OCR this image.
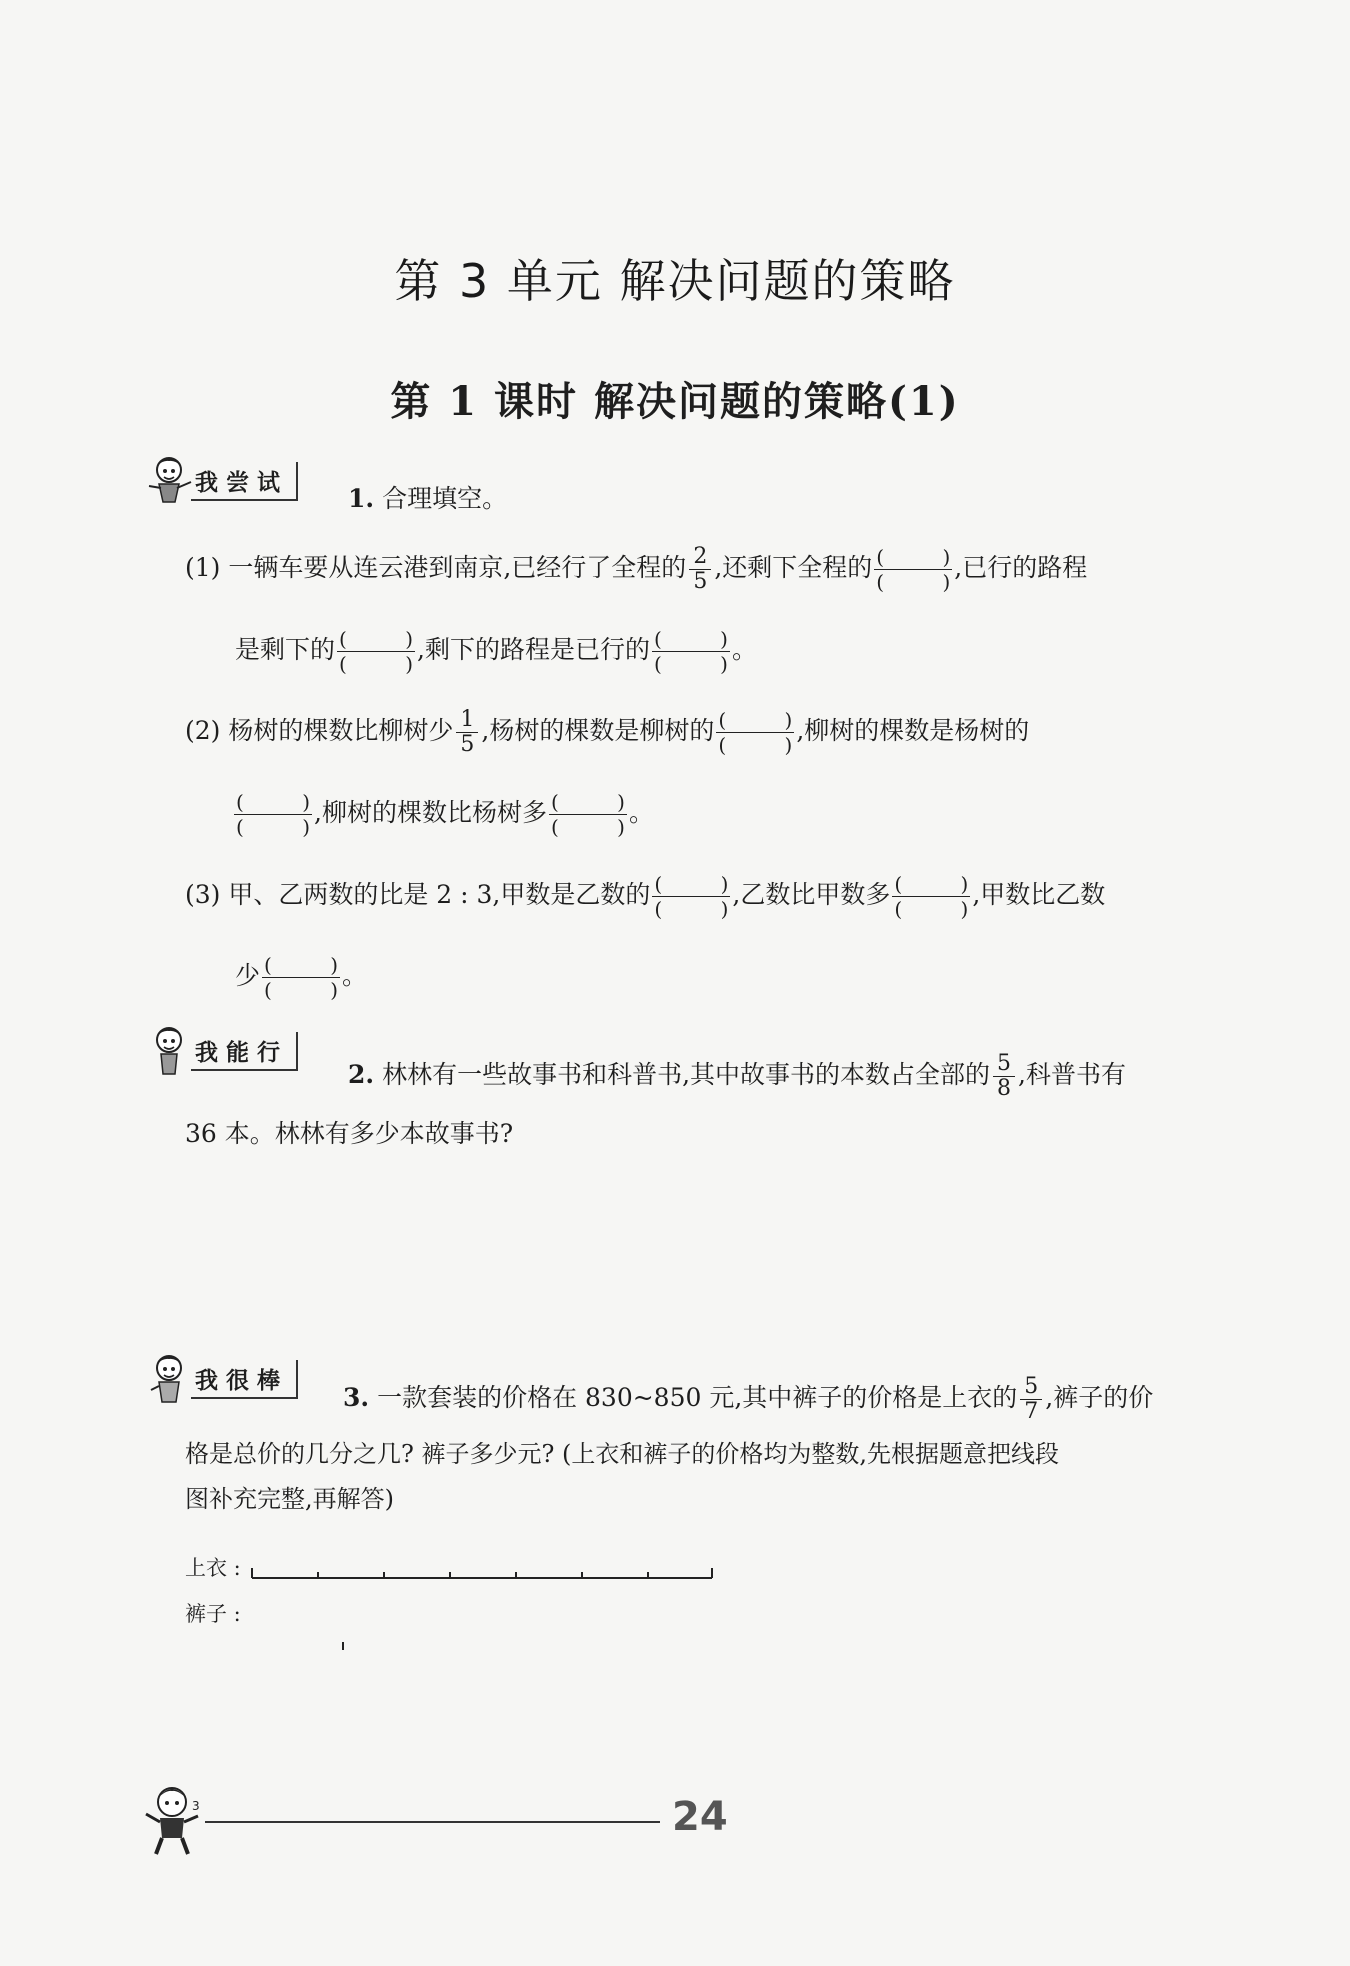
第 3 单元 解决问题的策略
第 1 课时 解决问题的策略(1)
我尝试
1. 合理填空。
(1) 一辆车要从连云港到南京,已经行了全程的 $\frac{2}{5}$ ,还剩下全程的 (	)
(	) ,已行的路程
是剩下的 (	)
(	) ,剩下的路程是已行的 (	)
(	) 。
(2) 杨树的棵数比柳树少 $\frac{1}{5}$ ,杨树的棵数是柳树的 (	)
(	) ,柳树的棵数是杨树的
(	)
(	) ,柳树的棵数比杨树多 (	)
(	) 。
(3) 甲、乙两数的比是 2 : 3,甲数是乙数的 (	)
(	) ,乙数比甲数多 (	)
(	) ,甲数比乙数
少 (	)
(	) 。
我能行
2. 林林有一些故事书和科普书,其中故事书的本数占全部的 $\frac{5}{8}$ ,科普书有
36 本。林林有多少本故事书?
我很棒
3. 一款套装的价格在 830~850 元,其中裤子的价格是上衣的 $\frac{5}{7}$ ,裤子的价
格是总价的几分之几? 裤子多少元? (上衣和裤子的价格均为整数,先根据题意把线段
图补充完整,再解答)
上衣 :
裤子 :
3	24
